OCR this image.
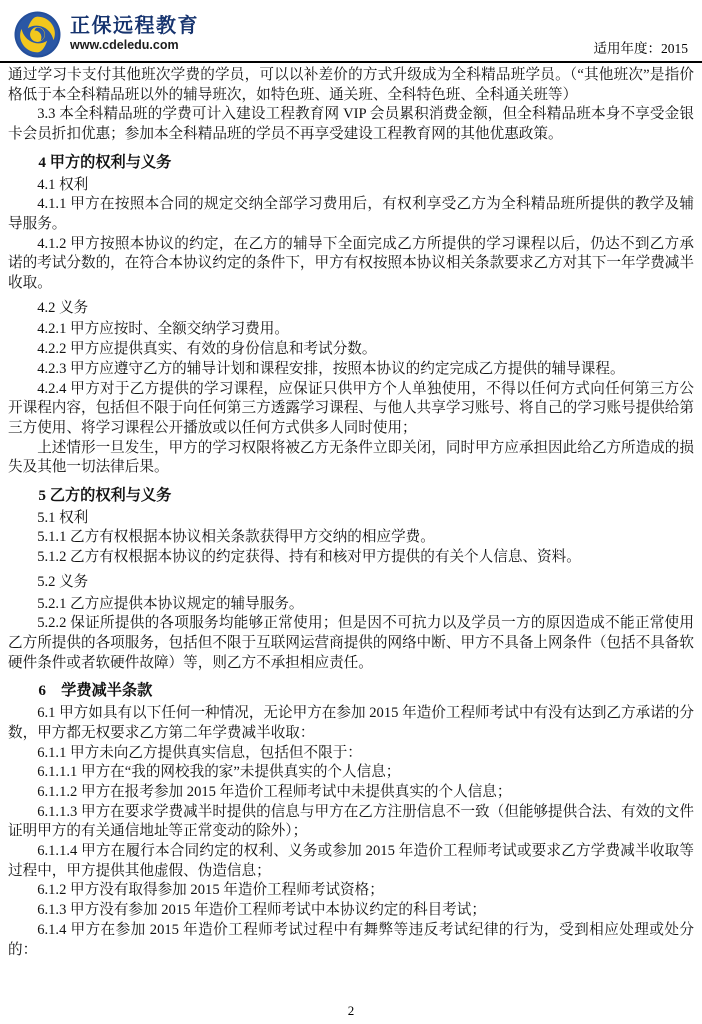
正保远程教育
www.cdeledu.com	适用年度：2015

通过学习卡支付其他班次学费的学员，可以以补差价的方式升级成为全科精品班学员。（“其他班次”是指价格低于本全科精品班以外的辅导班次，如特色班、通关班、全科特色班、全科通关班等）

3.3 本全科精品班的学费可计入建设工程教育网 VIP 会员累积消费金额，但全科精品班本身不享受金银卡会员折扣优惠；参加本全科精品班的学员不再享受建设工程教育网的其他优惠政策。

4 甲方的权利与义务

4.1 权利

4.1.1 甲方在按照本合同的规定交纳全部学习费用后，有权利享受乙方为全科精品班所提供的教学及辅导服务。

4.1.2 甲方按照本协议的约定，在乙方的辅导下全面完成乙方所提供的学习课程以后，仍达不到乙方承诺的考试分数的，在符合本协议约定的条件下，甲方有权按照本协议相关条款要求乙方对其下一年学费减半收取。

4.2 义务

4.2.1 甲方应按时、全额交纳学习费用。

4.2.2 甲方应提供真实、有效的身份信息和考试分数。

4.2.3 甲方应遵守乙方的辅导计划和课程安排，按照本协议的约定完成乙方提供的辅导课程。

4.2.4 甲方对于乙方提供的学习课程，应保证只供甲方个人单独使用，不得以任何方式向任何第三方公开课程内容，包括但不限于向任何第三方透露学习课程、与他人共享学习账号、将自己的学习账号提供给第三方使用、将学习课程公开播放或以任何方式供多人同时使用；

上述情形一旦发生，甲方的学习权限将被乙方无条件立即关闭，同时甲方应承担因此给乙方所造成的损失及其他一切法律后果。

5 乙方的权利与义务

5.1 权利

5.1.1 乙方有权根据本协议相关条款获得甲方交纳的相应学费。

5.1.2 乙方有权根据本协议的约定获得、持有和核对甲方提供的有关个人信息、资料。

5.2 义务

5.2.1 乙方应提供本协议规定的辅导服务。

5.2.2 保证所提供的各项服务均能够正常使用；但是因不可抗力以及学员一方的原因造成不能正常使用乙方所提供的各项服务，包括但不限于互联网运营商提供的网络中断、甲方不具备上网条件（包括不具备软硬件条件或者软硬件故障）等，则乙方不承担相应责任。

6　学费减半条款

6.1 甲方如具有以下任何一种情况，无论甲方在参加 2015 年造价工程师考试中有没有达到乙方承诺的分数，甲方都无权要求乙方第二年学费减半收取：

6.1.1 甲方未向乙方提供真实信息，包括但不限于：

6.1.1.1 甲方在“我的网校我的家”未提供真实的个人信息；

6.1.1.2 甲方在报考参加 2015 年造价工程师考试中未提供真实的个人信息；

6.1.1.3 甲方在要求学费减半时提供的信息与甲方在乙方注册信息不一致（但能够提供合法、有效的文件证明甲方的有关通信地址等正常变动的除外）；

6.1.1.4 甲方在履行本合同约定的权利、义务或参加 2015 年造价工程师考试或要求乙方学费减半收取等过程中，甲方提供其他虚假、伪造信息；

6.1.2 甲方没有取得参加 2015 年造价工程师考试资格；

6.1.3 甲方没有参加 2015 年造价工程师考试中本协议约定的科目考试；

6.1.4 甲方在参加 2015 年造价工程师考试过程中有舞弊等违反考试纪律的行为，受到相应处理或处分的：

2
